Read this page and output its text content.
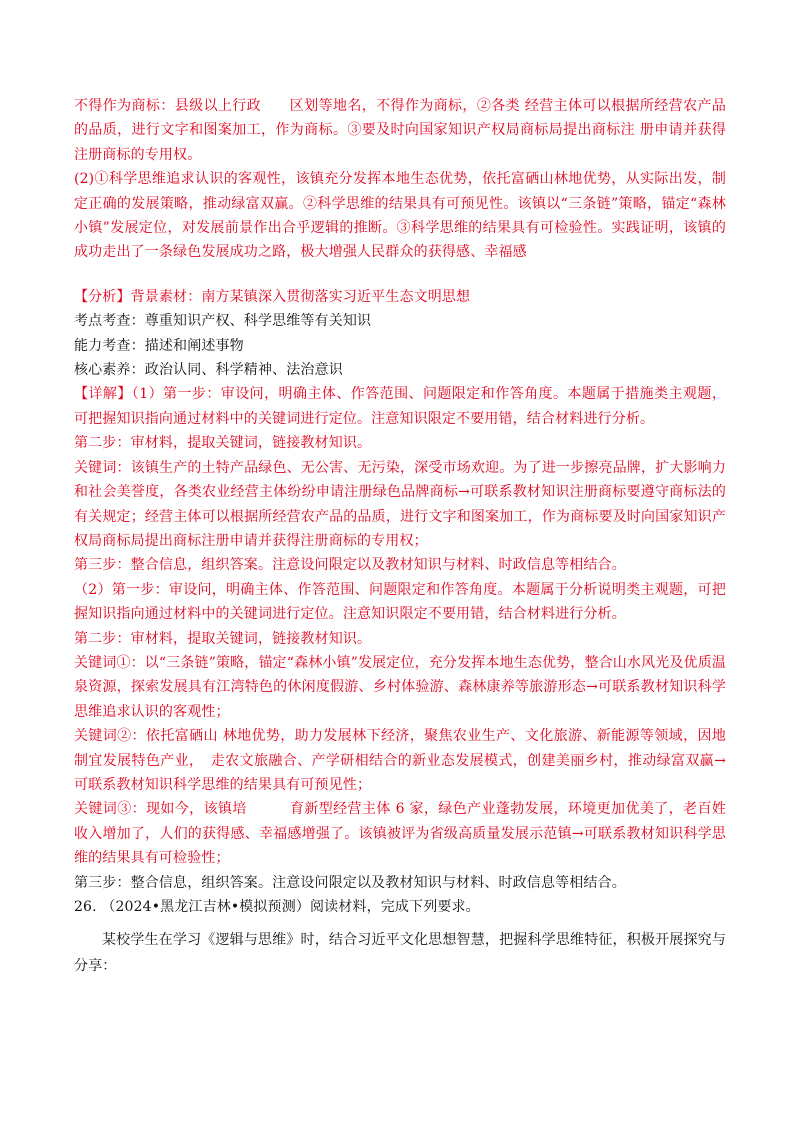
不得作为商标：县级以上行政　　区划等地名，不得作为商标，②各类 经营主体可以根据所经营农产品的品质，进行文字和图案加工，作为商标。③要及时向国家知识产权局商标局提出商标注 册申请并获得注册商标的专用权。

(2)①科学思维追求认识的客观性，该镇充分发挥本地生态优势，依托富硒山林地优势，从实际出发，制定正确的发展策略，推动绿富双赢。②科学思维的结果具有可预见性。该镇以“三条链”策略，锚定“森林小镇”发展定位，对发展前景作出合乎逻辑的推断。③科学思维的结果具有可检验性。实践证明，该镇的成功走出了一条绿色发展成功之路，极大增强人民群众的获得感、幸福感

【分析】背景素材：南方某镇深入贯彻落实习近平生态文明思想

考点考查：尊重知识产权、科学思维等有关知识

能力考查：描述和阐述事物

核心素养：政治认同、科学精神、法治意识

【详解】（1）第一步：审设问，明确主体、作答范围、问题限定和作答角度。本题属于措施类主观题，可把握知识指向通过材料中的关键词进行定位。注意知识限定不要用错，结合材料进行分析。

第二步：审材料，提取关键词，链接教材知识。

关键词：该镇生产的土特产品绿色、无公害、无污染，深受市场欢迎。为了进一步擦亮品牌，扩大影响力和社会美誉度，各类农业经营主体纷纷申请注册绿色品牌商标→可联系教材知识注册商标要遵守商标法的有关规定；经营主体可以根据所经营农产品的品质，进行文字和图案加工，作为商标要及时向国家知识产权局商标局提出商标注册申请并获得注册商标的专用权；

第三步：整合信息，组织答案。注意设问限定以及教材知识与材料、时政信息等相结合。

（2）第一步：审设问，明确主体、作答范围、问题限定和作答角度。本题属于分析说明类主观题，可把握知识指向通过材料中的关键词进行定位。注意知识限定不要用错，结合材料进行分析。

第二步：审材料，提取关键词，链接教材知识。

关键词①：以“三条链”策略，锚定“森林小镇”发展定位，充分发挥本地生态优势，整合山水风光及优质温泉资源，探索发展具有江湾特色的休闲度假游、乡村体验游、森林康养等旅游形态→可联系教材知识科学思维追求认识的客观性；

关键词②：依托富硒山 林地优势，助力发展林下经济，聚焦农业生产、文化旅游、新能源等领域，因地制宜发展特色产业，　走农文旅融合、产学研相结合的新业态发展模式，创建美丽乡村，推动绿富双赢→可联系教材知识科学思维的结果具有可预见性；

关键词③：现如今，该镇培　　　育新型经营主体 6 家，绿色产业蓬勃发展，环境更加优美了，老百姓收入增加了，人们的获得感、幸福感增强了。该镇被评为省级高质量发展示范镇→可联系教材知识科学思维的结果具有可检验性；

第三步：整合信息，组织答案。注意设问限定以及教材知识与材料、时政信息等相结合。

26. （2024•黑龙江吉林•模拟预测）阅读材料，完成下列要求。

某校学生在学习《逻辑与思维》时，结合习近平文化思想智慧，把握科学思维特征，积极开展探究与分享：
